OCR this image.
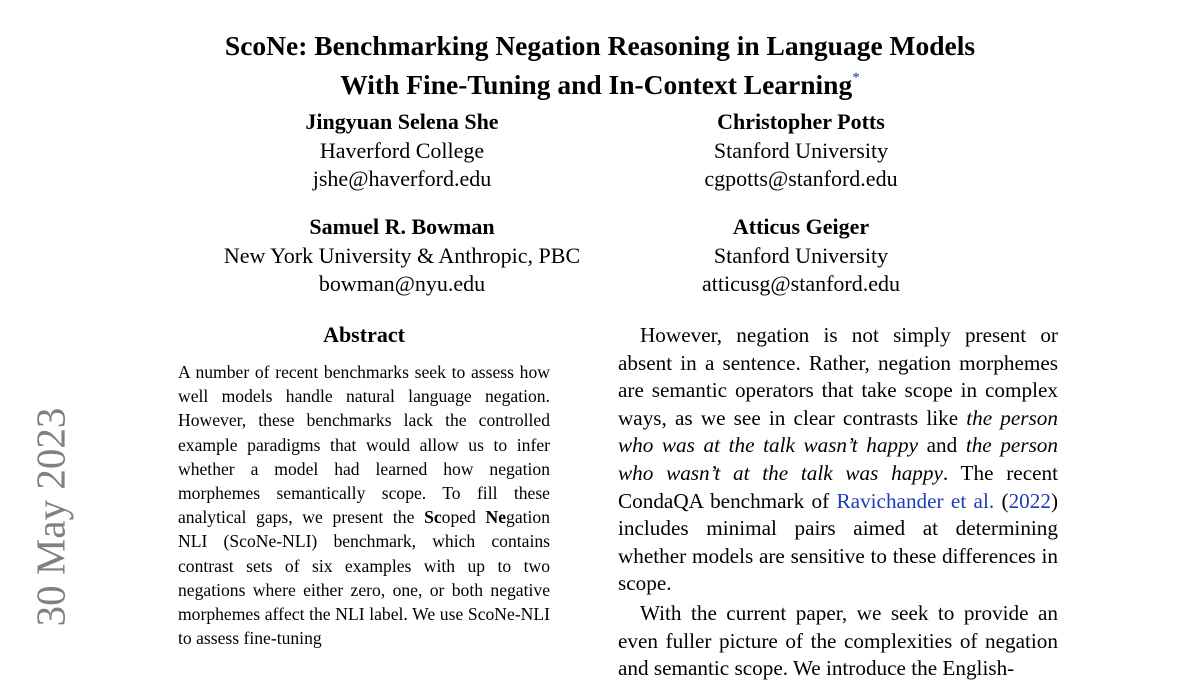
30 May 2023
ScoNe: Benchmarking Negation Reasoning in Language Models
With Fine-Tuning and In-Context Learning*
Jingyuan Selena She
Haverford College
jshe@haverford.edu
Christopher Potts
Stanford University
cgpotts@stanford.edu
Samuel R. Bowman
New York University & Anthropic, PBC
bowman@nyu.edu
Atticus Geiger
Stanford University
atticusg@stanford.edu
Abstract

A number of recent benchmarks seek to assess how well models handle natural language negation. However, these benchmarks lack the controlled example paradigms that would allow us to infer whether a model had learned how negation morphemes semantically scope. To fill these analytical gaps, we present the Scoped Negation NLI (ScoNe-NLI) benchmark, which contains contrast sets of six examples with up to two negations where either zero, one, or both negative morphemes affect the NLI label. We use ScoNe-NLI to assess fine-tuning

However, negation is not simply present or absent in a sentence. Rather, negation morphemes are semantic operators that take scope in complex ways, as we see in clear contrasts like the person who was at the talk wasn’t happy and the person who wasn’t at the talk was happy. The recent CondaQA benchmark of Ravichander et al. (2022) includes minimal pairs aimed at determining whether models are sensitive to these differences in scope.

With the current paper, we seek to provide an even fuller picture of the complexities of negation and semantic scope. We introduce the English-
